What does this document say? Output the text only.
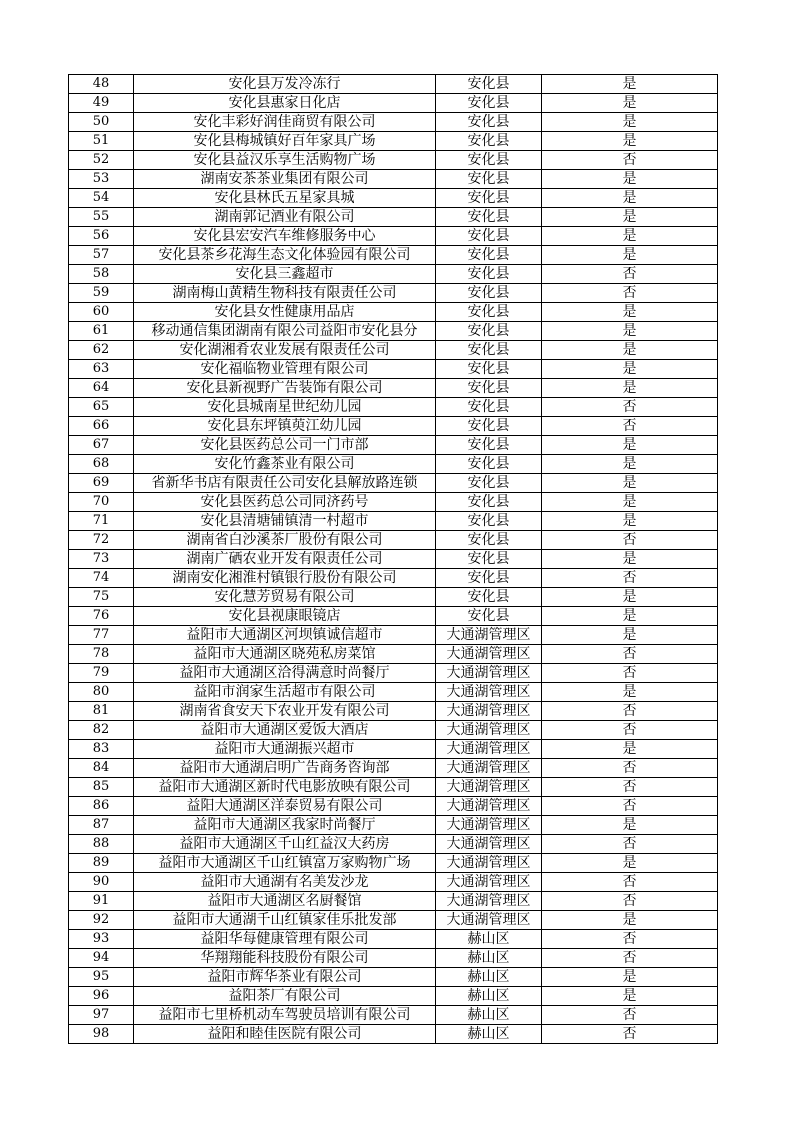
48	安化县万发冷冻行	安化县	是
49	安化县惠家日化店	安化县	是
50	安化丰彩好润佳商贸有限公司	安化县	是
51	安化县梅城镇好百年家具广场	安化县	是
52	安化县益汉乐享生活购物广场	安化县	否
53	湖南安茶茶业集团有限公司	安化县	是
54	安化县林氏五星家具城	安化县	是
55	湖南郭记酒业有限公司	安化县	是
56	安化县宏安汽车维修服务中心	安化县	是
57	安化县茶乡花海生态文化体验园有限公司	安化县	是
58	安化县三鑫超市	安化县	否
59	湖南梅山黄精生物科技有限责任公司	安化县	否
60	安化县女性健康用品店	安化县	是
61	移动通信集团湖南有限公司益阳市安化县分	安化县	是
62	安化湖湘肴农业发展有限责任公司	安化县	是
63	安化福临物业管理有限公司	安化县	是
64	安化县新视野广告装饰有限公司	安化县	是
65	安化县城南星世纪幼儿园	安化县	否
66	安化县东坪镇萸江幼儿园	安化县	否
67	安化县医药总公司一门市部	安化县	是
68	安化竹鑫茶业有限公司	安化县	是
69	省新华书店有限责任公司安化县解放路连锁	安化县	是
70	安化县医药总公司同济药号	安化县	是
71	安化县清塘铺镇清一村超市	安化县	是
72	湖南省白沙溪茶厂股份有限公司	安化县	否
73	湖南广硒农业开发有限责任公司	安化县	是
74	湖南安化湘淮村镇银行股份有限公司	安化县	否
75	安化慧芳贸易有限公司	安化县	是
76	安化县视康眼镜店	安化县	是
77	益阳市大通湖区河坝镇诚信超市	大通湖管理区	是
78	益阳市大通湖区晓苑私房菜馆	大通湖管理区	否
79	益阳市大通湖区洽得满意时尚餐厅	大通湖管理区	否
80	益阳市润家生活超市有限公司	大通湖管理区	是
81	湖南省食安天下农业开发有限公司	大通湖管理区	否
82	益阳市大通湖区爱饭大酒店	大通湖管理区	否
83	益阳市大通湖振兴超市	大通湖管理区	是
84	益阳市大通湖启明广告商务咨询部	大通湖管理区	否
85	益阳市大通湖区新时代电影放映有限公司	大通湖管理区	否
86	益阳大通湖区洋泰贸易有限公司	大通湖管理区	否
87	益阳市大通湖区我家时尚餐厅	大通湖管理区	是
88	益阳市大通湖区千山红益汉大药房	大通湖管理区	否
89	益阳市大通湖区千山红镇富万家购物广场	大通湖管理区	是
90	益阳市大通湖有名美发沙龙	大通湖管理区	否
91	益阳市大通湖区名厨餐馆	大通湖管理区	否
92	益阳市大通湖千山红镇家佳乐批发部	大通湖管理区	是
93	益阳华每健康管理有限公司	赫山区	否
94	华翔翔能科技股份有限公司	赫山区	否
95	益阳市辉华茶业有限公司	赫山区	是
96	益阳茶厂有限公司	赫山区	是
97	益阳市七里桥机动车驾驶员培训有限公司	赫山区	否
98	益阳和睦佳医院有限公司	赫山区	否
